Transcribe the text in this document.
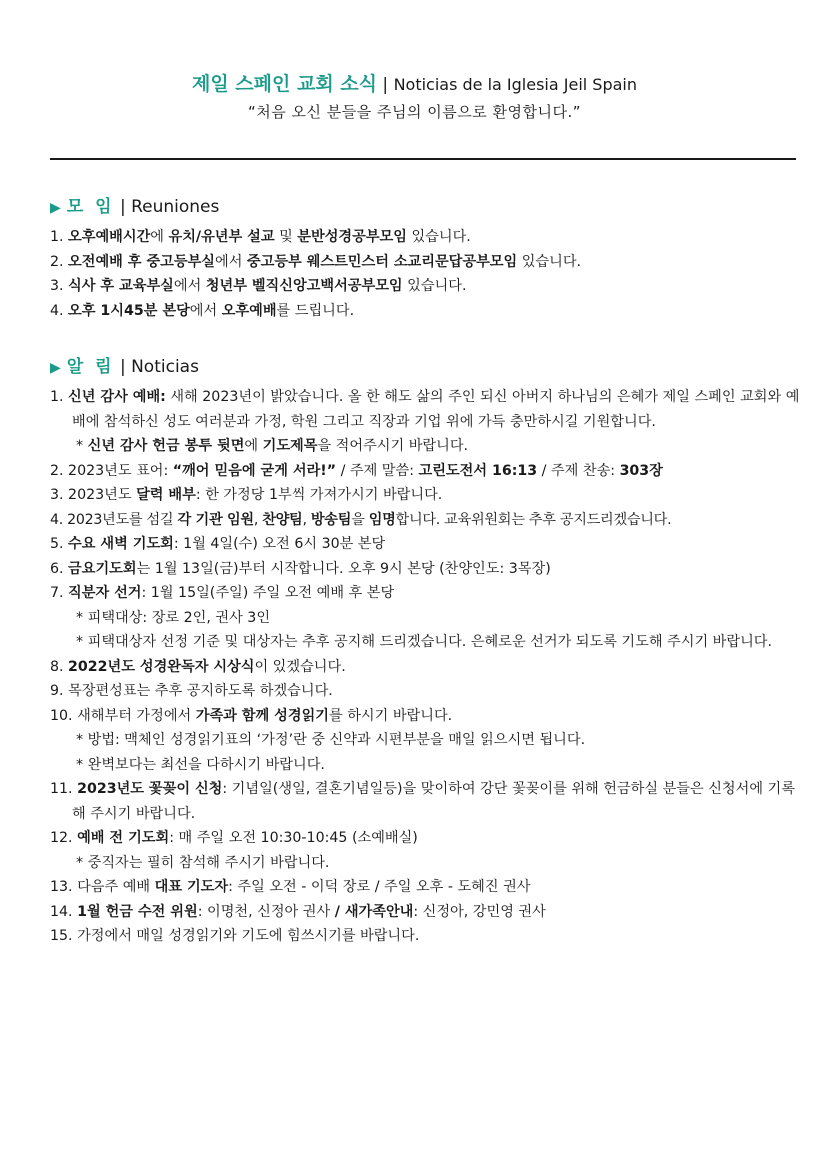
제일 스페인 교회 소식 | Noticias de la Iglesia Jeil Spain
“처음 오신 분들을 주님의 이름으로 환영합니다.”
▶ 모 임 | Reuniones
1. 오후예배시간에 유치/유년부 설교 및 분반성경공부모임 있습니다.
2. 오전예배 후 중고등부실에서 중고등부 웨스트민스터 소교리문답공부모임 있습니다.
3. 식사 후 교육부실에서 청년부 벨직신앙고백서공부모임 있습니다.
4. 오후 1시45분 본당에서 오후예배를 드립니다.
▶ 알 림 | Noticias
1. 신년 감사 예배: 새해 2023년이 밝았습니다. 올 한 해도 삶의 주인 되신 아버지 하나님의 은혜가 제일 스페인 교회와 예배에 참석하신 성도 여러분과 가정, 학원 그리고 직장과 기업 위에 가득 충만하시길 기원합니다.
* 신년 감사 헌금 봉투 뒷면에 기도제목을 적어주시기 바랍니다.
2. 2023년도 표어: “깨어 믿음에 굳게 서라!” / 주제 말씀: 고린도전서 16:13 / 주제 찬송: 303장
3. 2023년도 달력 배부: 한 가정당 1부씩 가져가시기 바랍니다.
4. 2023년도를 섬길 각 기관 임원, 찬양팀, 방송팀을 임명합니다. 교육위원회는 추후 공지드리겠습니다.
5. 수요 새벽 기도회: 1월 4일(수) 오전 6시 30분 본당
6. 금요기도회는 1월 13일(금)부터 시작합니다. 오후 9시 본당 (찬양인도: 3목장)
7. 직분자 선거: 1월 15일(주일) 주일 오전 예배 후 본당
* 피택대상: 장로 2인, 권사 3인
* 피택대상자 선정 기준 및 대상자는 추후 공지해 드리겠습니다. 은혜로운 선거가 되도록 기도해 주시기 바랍니다.
8. 2022년도 성경완독자 시상식이 있겠습니다.
9. 목장편성표는 추후 공지하도록 하겠습니다.
10. 새해부터 가정에서 가족과 함께 성경읽기를 하시기 바랍니다.
* 방법: 맥체인 성경읽기표의 ‘가정’란 중 신약과 시편부분을 매일 읽으시면 됩니다.
* 완벽보다는 최선을 다하시기 바랍니다.
11. 2023년도 꽃꽂이 신청: 기념일(생일, 결혼기념일등)을 맞이하여 강단 꽃꽂이를 위해 헌금하실 분들은 신청서에 기록해 주시기 바랍니다.
12. 예배 전 기도회: 매 주일 오전 10:30-10:45 (소예배실)
* 중직자는 필히 참석해 주시기 바랍니다.
13. 다음주 예배 대표 기도자: 주일 오전 - 이덕 장로 / 주일 오후 - 도혜진 권사
14. 1월 헌금 수전 위원: 이명천, 신정아 권사 / 새가족안내: 신정아, 강민영 권사
15. 가정에서 매일 성경읽기와 기도에 힘쓰시기를 바랍니다.
